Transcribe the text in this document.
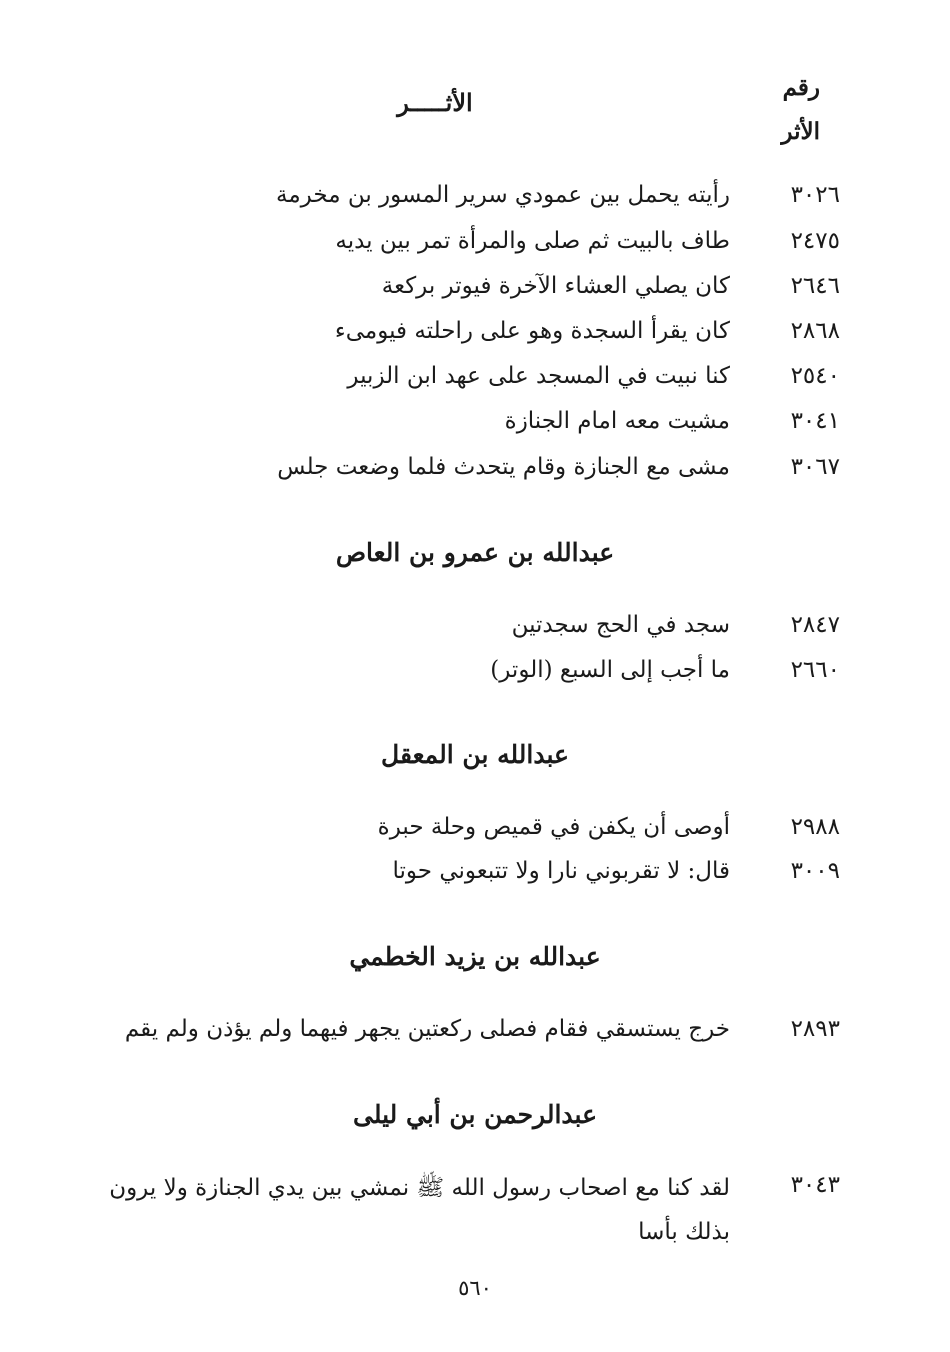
رقم
الأثر
الأثـــــر
٣٠٢٦
رأيته يحمل بين عمودي سرير المسور بن مخرمة
٢٤٧٥
طاف بالبيت ثم صلى والمرأة تمر بين يديه
٢٦٤٦
كان يصلي العشاء الآخرة فيوتر بركعة
٢٨٦٨
كان يقرأ السجدة وهو على راحلته فيومىء
٢٥٤٠
كنا نبيت في المسجد على عهد ابن الزبير
٣٠٤١
مشيت معه امام الجنازة
٣٠٦٧
مشى مع الجنازة وقام يتحدث فلما وضعت جلس
عبدالله بن عمرو بن العاص
٢٨٤٧
سجد في الحج سجدتين
٢٦٦٠
ما أجب إلى السبع (الوتر)
عبدالله بن المعقل
٢٩٨٨
أوصى أن يكفن في قميص وحلة حبرة
٣٠٠٩
قال: لا تقربوني نارا ولا تتبعوني حوتا
عبدالله بن يزيد الخطمي
٢٨٩٣
خرج يستسقي فقام فصلى ركعتين يجهر فيهما ولم يؤذن ولم يقم
عبدالرحمن بن أبي ليلى
٣٠٤٣
لقد كنا مع اصحاب رسول الله ﷺ نمشي بين يدي الجنازة ولا يرون بذلك بأسا
٥٦٠
